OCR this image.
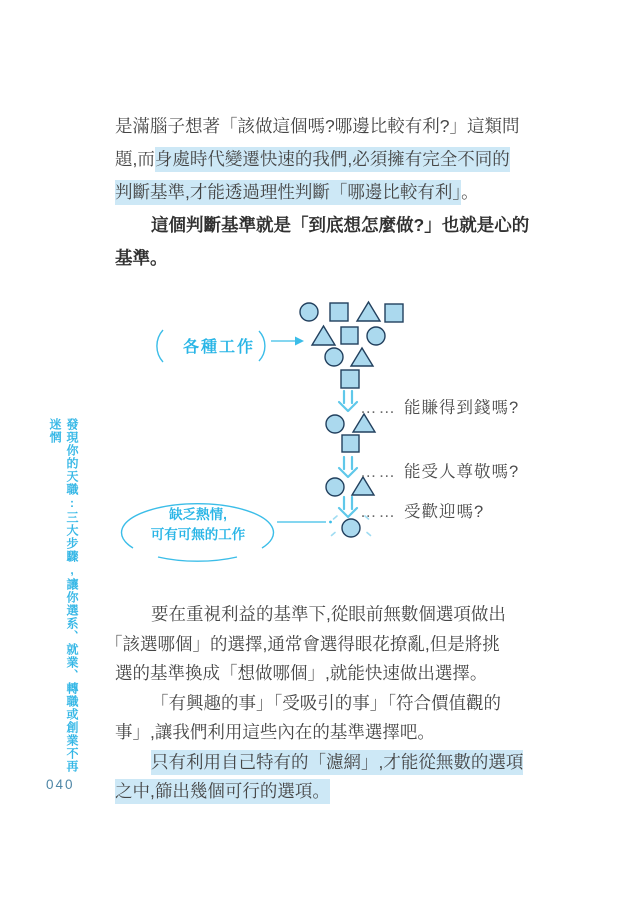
是滿腦子想著「該做這個嗎?哪邊比較有利?」這類問
題,而身處時代變遷快速的我們,必須擁有完全不同的
判斷基準,才能透過理性判斷「哪邊比較有利」。
這個判斷基準就是「到底想怎麼做?」也就是心的
基準。
各種工作
…… 能賺得到錢嗎?
…… 能受人尊敬嗎?
…… 受歡迎嗎?
缺乏熱情,
可有可無的工作
要在重視利益的基準下,從眼前無數個選項做出
「該選哪個」的選擇,通常會選得眼花撩亂,但是將挑
選的基準換成「想做哪個」,就能快速做出選擇。
「有興趣的事」「受吸引的事」「符合價值觀的
事」,讓我們利用這些內在的基準選擇吧。
只有利用自己特有的「濾網」,才能從無數的選項
之中,篩出幾個可行的選項。
發現你的天職:三大步驟,讓你選系、就業、轉職或創業不再迷惘
040
